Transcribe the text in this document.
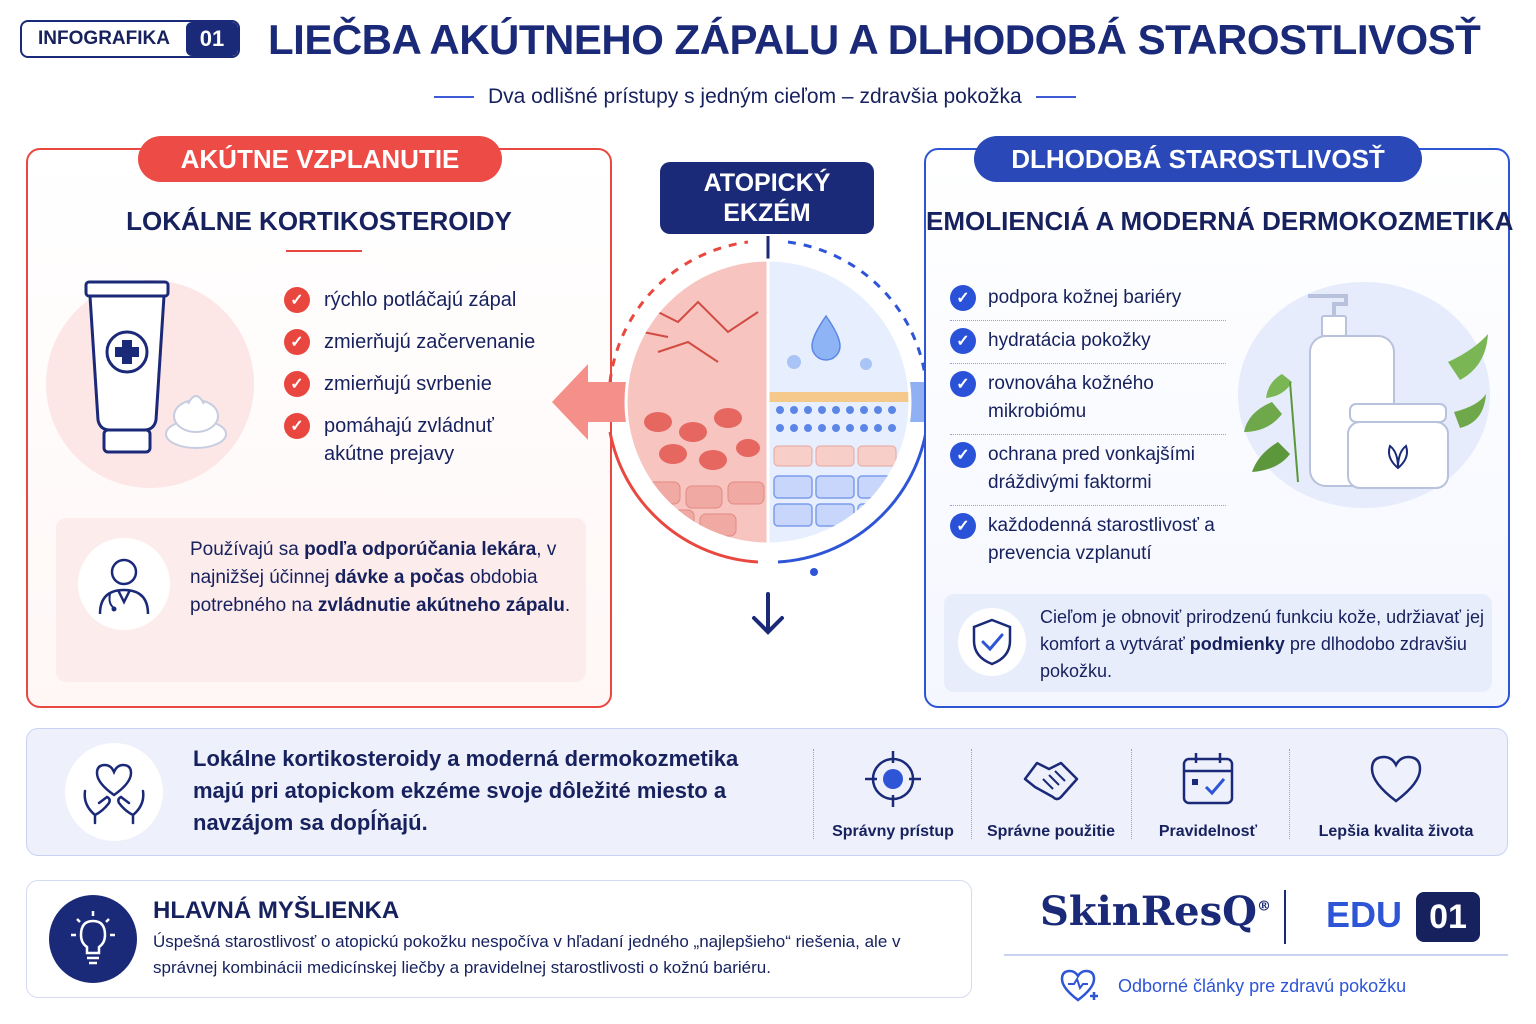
INFOGRAFIKA	01	LIEČBA AKÚTNEHO ZÁPALU A DLHODOBÁ STAROSTLIVOSŤ
Dva odlišné prístupy s jedným cieľom – zdravšia pokožka
AKÚTNE VZPLANUTIE
LOKÁLNE KORTIKOSTEROIDY
✓	rýchlo potláčajú zápal
✓	zmierňujú začervenanie
✓	zmierňujú svrbenie
✓	pomáhajú zvládnuť akútne prejavy
Používajú sa podľa odporúčania lekára, v najnižšej účinnej dávke a počas obdobia potrebného na zvládnutie akútneho zápalu.
ATOPICKÝ EKZÉM
DLHODOBÁ STAROSTLIVOSŤ
EMOLIENCIÁ A MODERNÁ DERMOKOZMETIKA
✓ podpora kožnej bariéry
✓ hydratácia pokožky
✓ rovnováha kožného mikrobiómu
✓ ochrana pred vonkajšími dráždivými faktormi
✓ každodenná starostlivosť a prevencia vzplanutí
Cieľom je obnoviť prirodzenú funkciu kože, udržiavať jej komfort a vytvárať podmienky pre dlhodobo zdravšiu pokožku.
Lokálne kortikosteroidy a moderná dermokozmetika majú pri atopickom ekzéme svoje dôležité miesto a navzájom sa dopĺňajú.	Správny prístup	Správne použitie	Pravidelnosť	Lepšia kvalita života
HLAVNÁ MYŠLIENKA
Úspešná starostlivosť o atopickú pokožku nespočíva v hľadaní jedného „najlepšieho“ riešenia, ale v správnej kombinácii medicínskej liečby a pravidelnej starostlivosti o kožnú bariéru.
SkinResQ® EDU 01
Odborné články pre zdravú pokožku
